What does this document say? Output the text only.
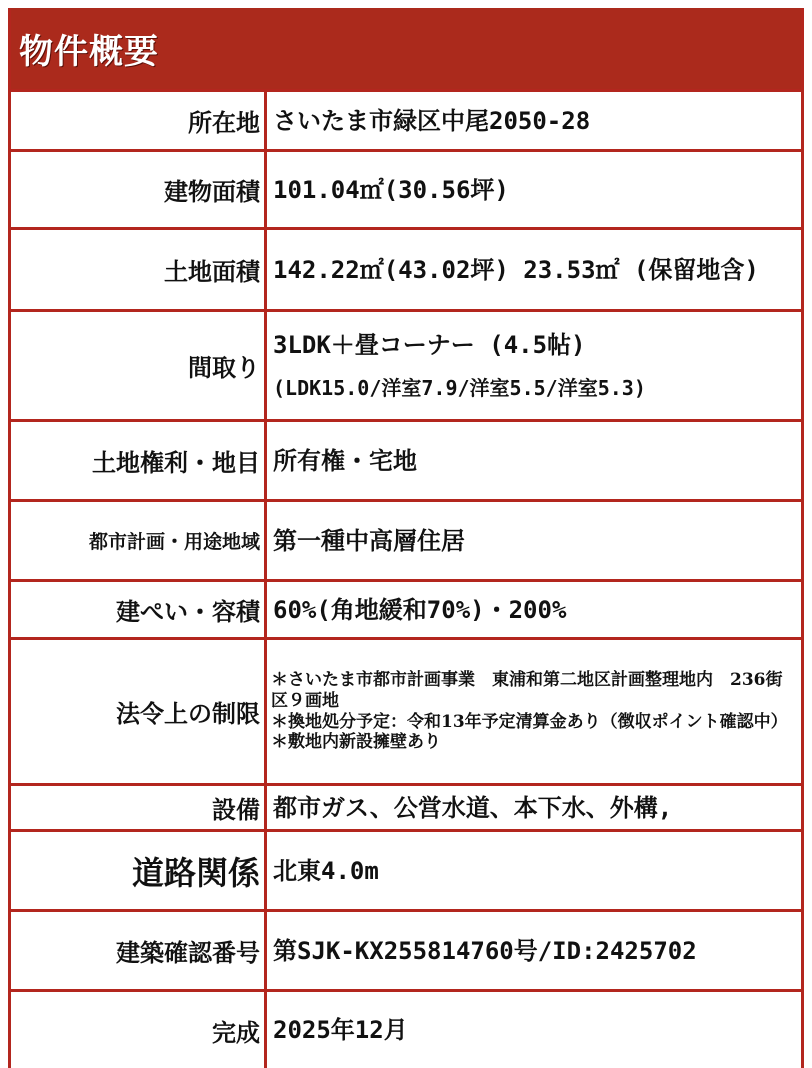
物件概要
所在地 さいたま市緑区中尾2050-28
建物面積 101.04㎡(30.56坪)
土地面積 142.22㎡(43.02坪) 23.53㎡ (保留地含)
間取り
3LDK＋畳コーナー (4.5帖)
(LDK15.0/洋室7.9/洋室5.5/洋室5.3)
土地権利・地目 所有権・宅地
都市計画・用途地域 第一種中高層住居
建ぺい・容積 60%(角地緩和70%)・200%
法令上の制限
＊さいたま市都市計画事業　東浦和第二地区計画整理地内　236街区９画地
＊換地処分予定：令和13年予定清算金あり（徴収ポイント確認中）
＊敷地内新設擁壁あり
設備 都市ガス、公営水道、本下水、外構,
道路関係 北東4.0m
建築確認番号 第SJK-KX255814760号/ID:2425702
完成 2025年12月
